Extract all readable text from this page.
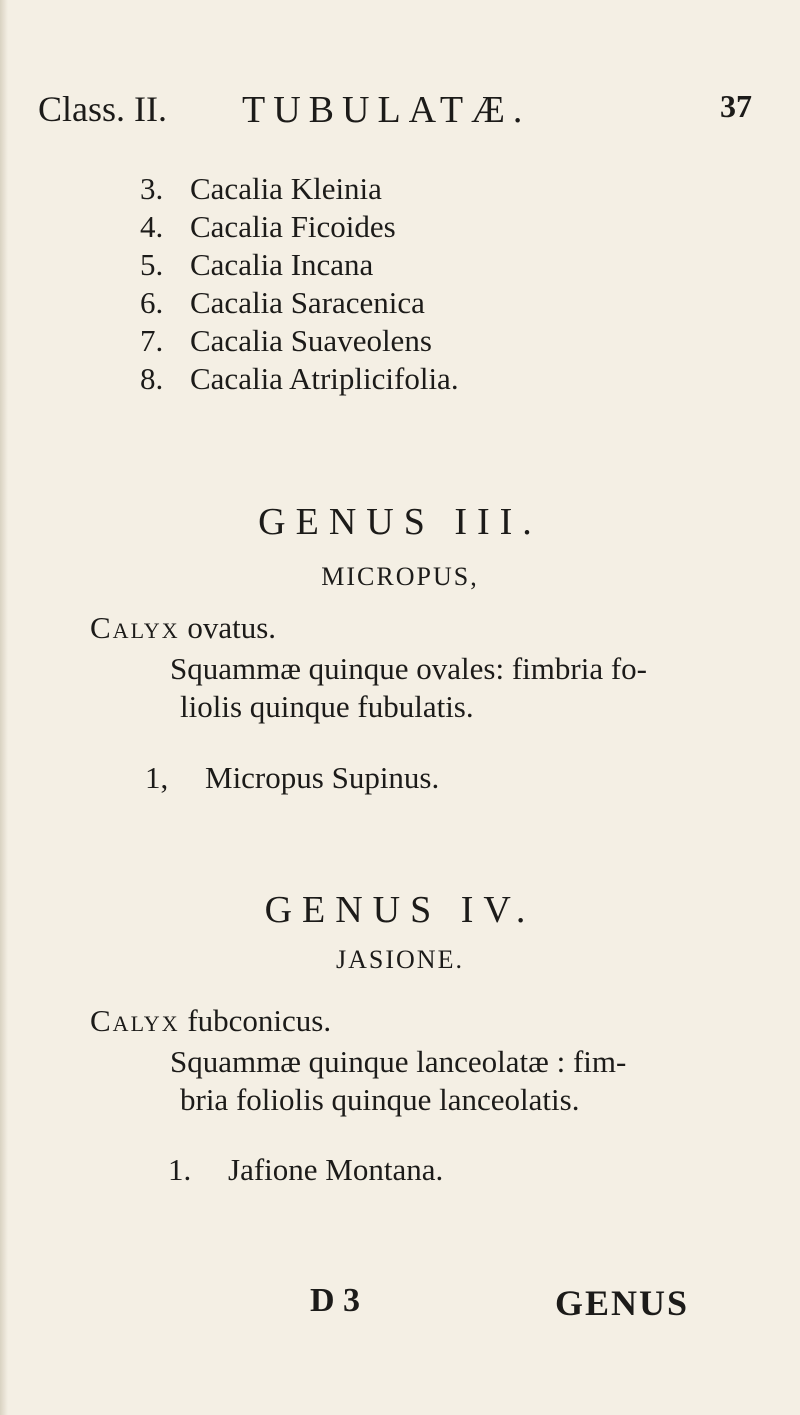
Class. II. TUBULATÆ.	37
3. Cacalia Kleinia
4. Cacalia Ficoides
5. Cacalia Incana
6. Cacalia Saracenica
7. Cacalia Suaveolens
8. Cacalia Atriplicifolia.
GENUS III.
MICROPUS,
Calyx ovatus.
Squammæ quinque ovales: fimbria fo-
liolis quinque fubulatis.
1, Micropus Supinus.
GENUS IV.
JASIONE.
Calyx fubconicus.
Squammæ quinque lanceolatæ : fim-
bria foliolis quinque lanceolatis.
1. Jafione Montana.
D 3	GENUS
